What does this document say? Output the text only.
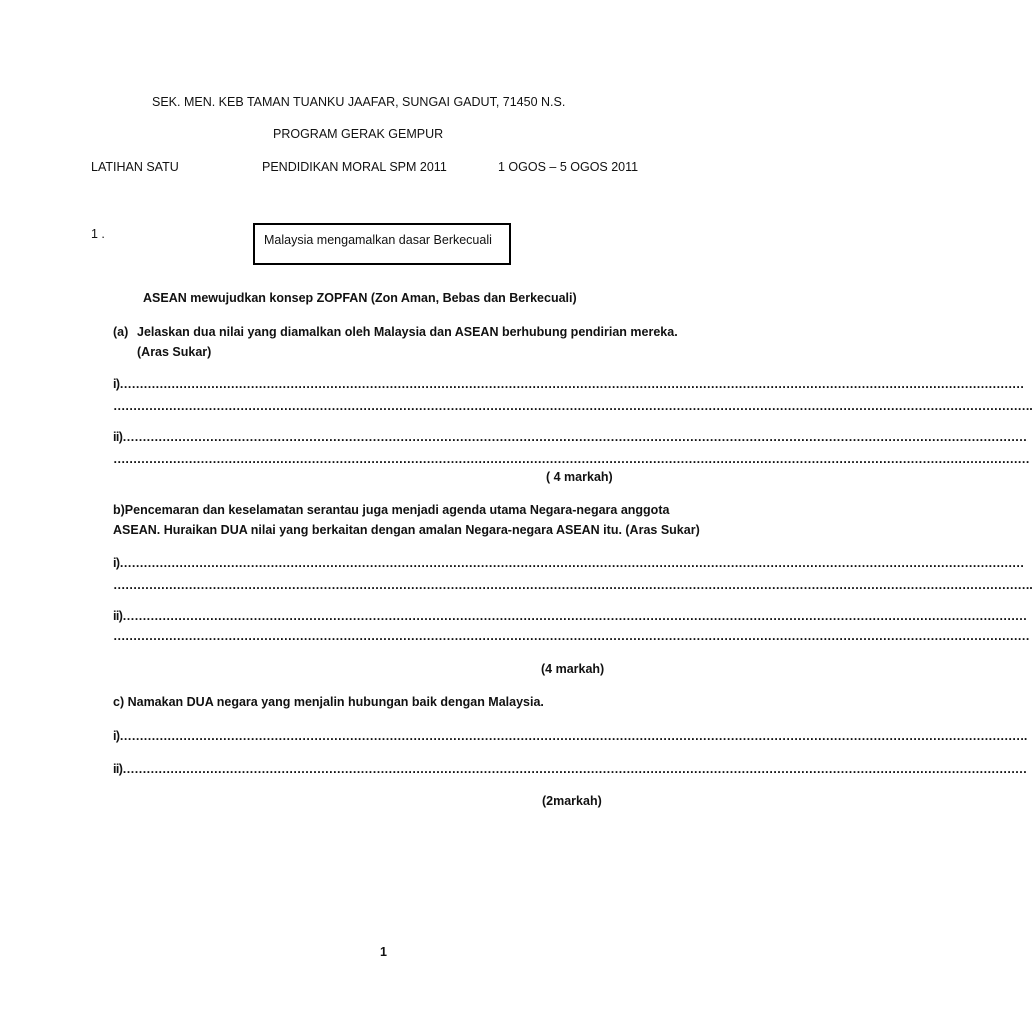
SEK. MEN. KEB TAMAN TUANKU JAAFAR, SUNGAI GADUT, 71450 N.S.
PROGRAM GERAK GEMPUR
LATIHAN SATU	PENDIDIKAN MORAL SPM 2011	1 OGOS – 5 OGOS 2011
1 .	Malaysia mengamalkan dasar Berkecuali
ASEAN mewujudkan konsep ZOPFAN (Zon Aman, Bebas dan Berkecuali)
(a) Jelaskan dua nilai yang diamalkan oleh Malaysia dan ASEAN berhubung pendirian mereka.
(Aras Sukar)
i)…………………………………………………………………………………………………………………………………………………………………………………………………………
…………………………………………………………………………………………………………………………………………………………………………………………………………….
ii)…………………………………………………………………………………………………………………………………………………………………………………………………………
……………………………………………………………………………………………………………………………………………………………………………………………………………
( 4 markah)
b)Pencemaran dan keselamatan serantau juga menjadi agenda utama Negara-negara anggota
ASEAN. Huraikan DUA nilai yang berkaitan dengan amalan Negara-negara ASEAN itu. (Aras Sukar)
i)…………………………………………………………………………………………………………………………………………………………………………………………………………
…………………………………………………………………………………………………………………………………………………………………………………………………………….
ii)…………………………………………………………………………………………………………………………………………………………………………………………………………
……………………………………………………………………………………………………………………………………………………………………………………………………………
(4 markah)
c) Namakan DUA negara yang menjalin hubungan baik dengan Malaysia.
i)………………………………………………………………………………………………………………………………………………………………………………………………………….
ii)…………………………………………………………………………………………………………………………………………………………………………………………………………
(2markah)
1
